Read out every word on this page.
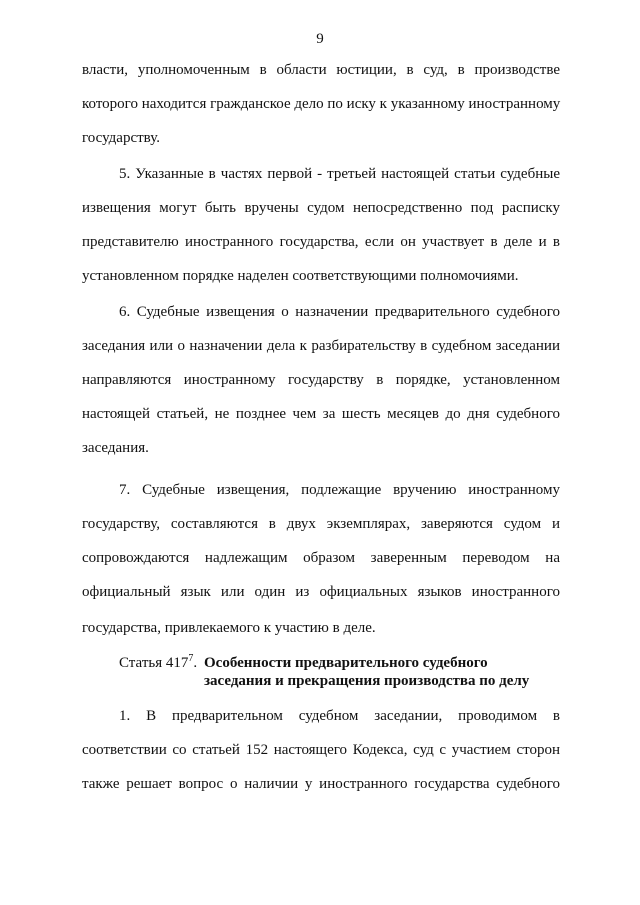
9
власти, уполномоченным в области юстиции, в суд, в производстве
которого находится гражданское дело по иску к указанному иностранному
государству.
5. Указанные в частях первой - третьей настоящей статьи судебные
извещения могут быть вручены судом непосредственно под расписку
представителю иностранного государства, если он участвует в деле и в
установленном порядке наделен соответствующими полномочиями.
6. Судебные извещения о назначении предварительного судебного
заседания или о назначении дела к разбирательству в судебном заседании
направляются иностранному государству в порядке, установленном
настоящей статьей, не позднее чем за шесть месяцев до дня судебного
заседания.
7. Судебные извещения, подлежащие вручению иностранному
государству, составляются в двух экземплярах, заверяются судом и
сопровождаются надлежащим образом заверенным переводом на
официальный язык или один из официальных языков иностранного
государства, привлекаемого к участию в деле.
Статья $417^7$. Особенности предварительного судебного
заседания и прекращения производства по делу
1. В предварительном судебном заседании, проводимом в
соответствии со статьей 152 настоящего Кодекса, суд с участием сторон
также решает вопрос о наличии у иностранного государства судебного
